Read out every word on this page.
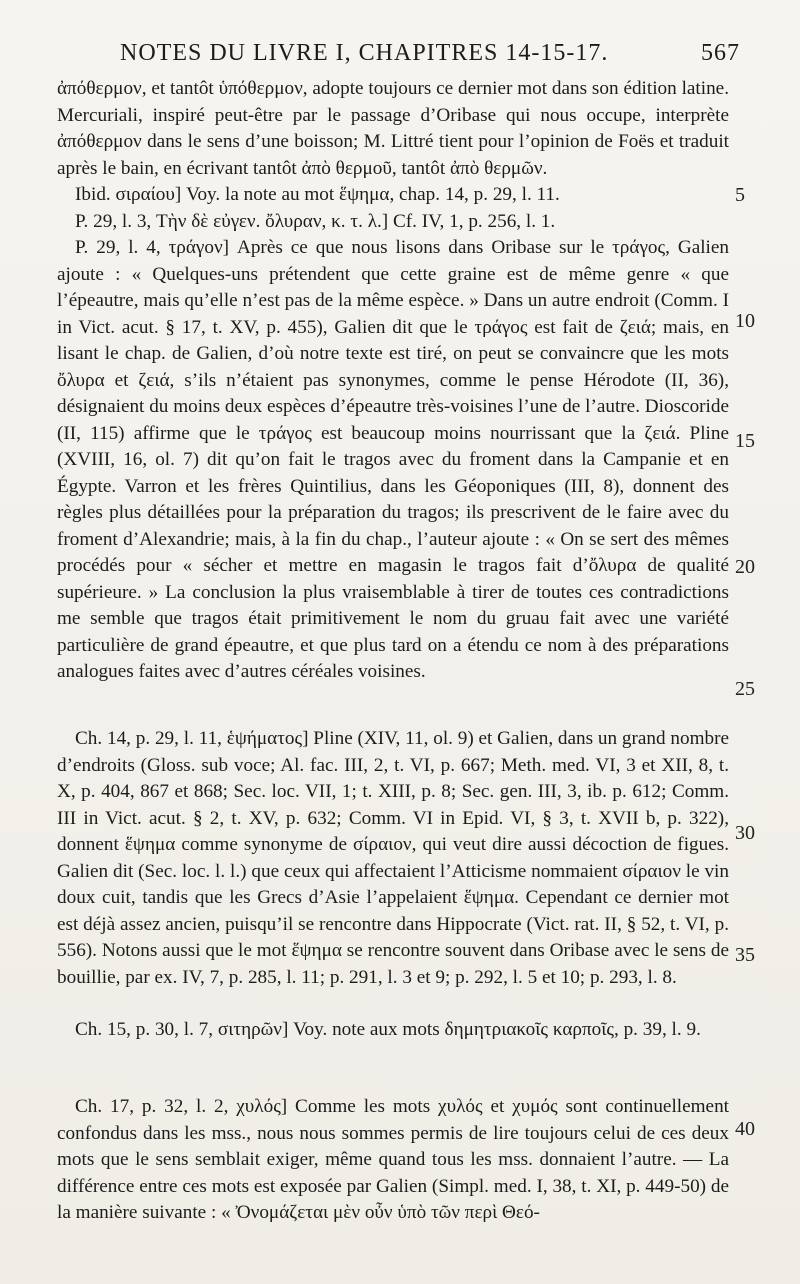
NOTES DU LIVRE I, CHAPITRES 14-15-17.	567

ἀπόθερμον, et tantôt ὑπόθερμον, adopte toujours ce dernier mot dans son édition latine. Mercuriali, inspiré peut-être par le passage d’Oribase qui nous occupe, interprète ἀπόθερμον dans le sens d’une boisson; M. Littré tient pour l’opinion de Foës et traduit après le bain, en écrivant tantôt ἀπὸ θερμοῦ, tantôt ἀπὸ θερμῶν.

Ibid. σιραίου] Voy. la note au mot ἕψημα, chap. 14, p. 29, l. 11.

P. 29, l. 3, Τὴν δὲ εὐγεν. ὄλυραν, κ. τ. λ.] Cf. IV, 1, p. 256, l. 1.

P. 29, l. 4, τράγον] Après ce que nous lisons dans Oribase sur le τράγος, Galien ajoute : « Quelques-uns prétendent que cette graine est de même genre « que l’épeautre, mais qu’elle n’est pas de la même espèce. » Dans un autre endroit (Comm. I in Vict. acut. § 17, t. XV, p. 455), Galien dit que le τράγος est fait de ζειά; mais, en lisant le chap. de Galien, d’où notre texte est tiré, on peut se convaincre que les mots ὄλυρα et ζειά, s’ils n’étaient pas synonymes, comme le pense Hérodote (II, 36), désignaient du moins deux espèces d’épeautre très-voisines l’une de l’autre. Dioscoride (II, 115) affirme que le τράγος est beaucoup moins nourrissant que la ζειά. Pline (XVIII, 16, ol. 7) dit qu’on fait le tragos avec du froment dans la Campanie et en Égypte. Varron et les frères Quintilius, dans les Géoponiques (III, 8), donnent des règles plus détaillées pour la préparation du tragos; ils prescrivent de le faire avec du froment d’Alexandrie; mais, à la fin du chap., l’auteur ajoute : « On se sert des mêmes procédés pour « sécher et mettre en magasin le tragos fait d’ὄλυρα de qualité supérieure. » La conclusion la plus vraisemblable à tirer de toutes ces contradictions me semble que tragos était primitivement le nom du gruau fait avec une variété particulière de grand épeautre, et que plus tard on a étendu ce nom à des préparations analogues faites avec d’autres céréales voisines.

Ch. 14, p. 29, l. 11, ἑψήματος] Pline (XIV, 11, ol. 9) et Galien, dans un grand nombre d’endroits (Gloss. sub voce; Al. fac. III, 2, t. VI, p. 667; Meth. med. VI, 3 et XII, 8, t. X, p. 404, 867 et 868; Sec. loc. VII, 1; t. XIII, p. 8; Sec. gen. III, 3, ib. p. 612; Comm. III in Vict. acut. § 2, t. XV, p. 632; Comm. VI in Epid. VI, § 3, t. XVII b, p. 322), donnent ἕψημα comme synonyme de σίραιον, qui veut dire aussi décoction de figues. Galien dit (Sec. loc. l. l.) que ceux qui affectaient l’Atticisme nommaient σίραιον le vin doux cuit, tandis que les Grecs d’Asie l’appelaient ἕψημα. Cependant ce dernier mot est déjà assez ancien, puisqu’il se rencontre dans Hippocrate (Vict. rat. II, § 52, t. VI, p. 556). Notons aussi que le mot ἕψημα se rencontre souvent dans Oribase avec le sens de bouillie, par ex. IV, 7, p. 285, l. 11; p. 291, l. 3 et 9; p. 292, l. 5 et 10; p. 293, l. 8.

Ch. 15, p. 30, l. 7, σιτηρῶν] Voy. note aux mots δημητριακοῖς καρποῖς, p. 39, l. 9.

Ch. 17, p. 32, l. 2, χυλός] Comme les mots χυλός et χυμός sont continuellement confondus dans les mss., nous nous sommes permis de lire toujours celui de ces deux mots que le sens semblait exiger, même quand tous les mss. donnaient l’autre. — La différence entre ces mots est exposée par Galien (Simpl. med. I, 38, t. XI, p. 449-50) de la manière suivante : « Ὀνομάζεται μὲν οὖν ὑπὸ τῶν περὶ Θεό-

5
10
15
20
25
30
35
40
